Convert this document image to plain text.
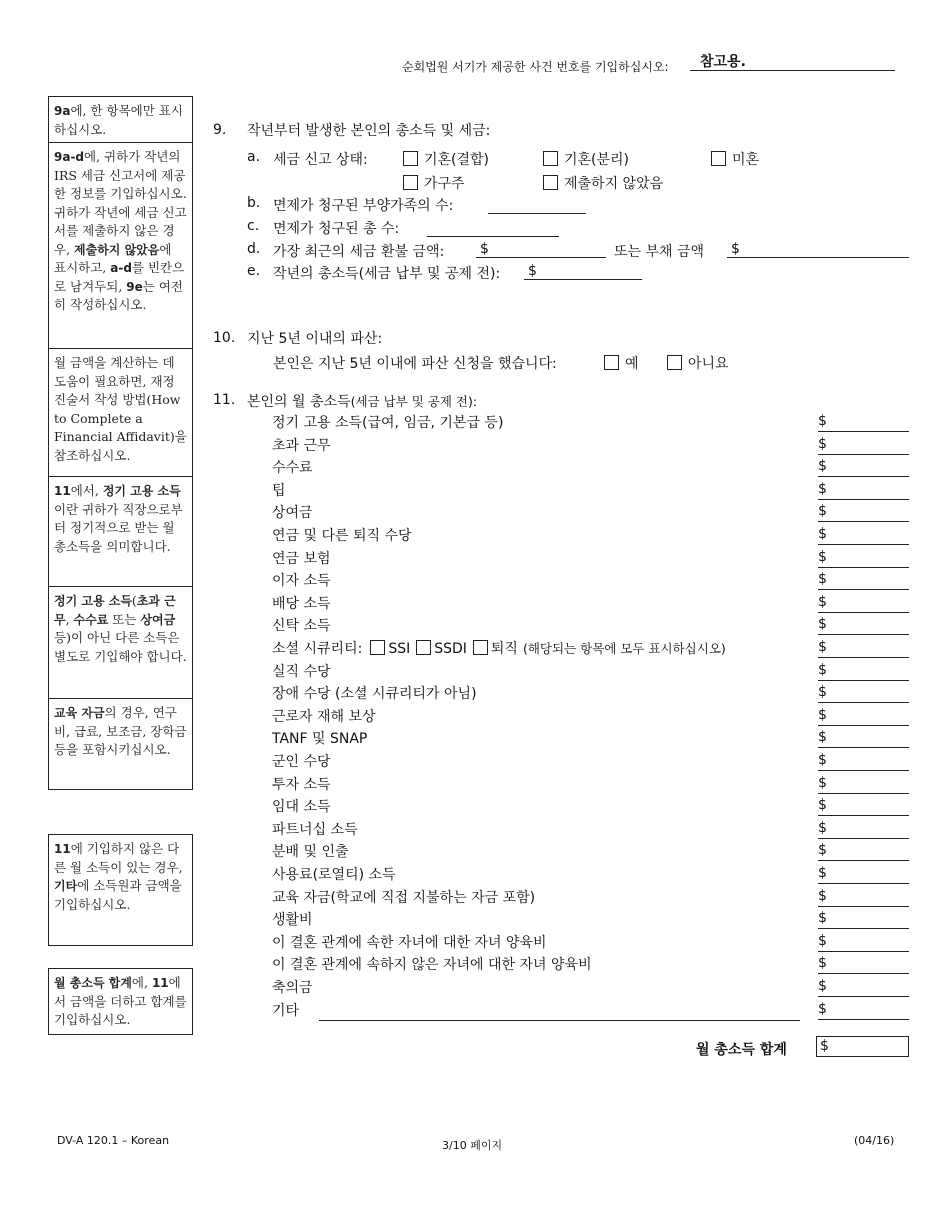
순회법원 서기가 제공한 사건 번호를 기입하십시오: 참고용.
9a에, 한 항목에만 표시하십시오.
9a-d에, 귀하가 작년의 IRS 세금 신고서에 제공한 정보를 기입하십시오. 귀하가 작년에 세금 신고서를 제출하지 않은 경우, 제출하지 않았음에 표시하고, a-d를 빈칸으로 남겨두되, 9e는 여전히 작성하십시오.
월 금액을 계산하는 데 도움이 필요하면, 재정 진술서 작성 방법(How to Complete a Financial Affidavit)을 참조하십시오.
11에서, 정기 고용 소득이란 귀하가 직장으로부터 정기적으로 받는 월 총소득을 의미합니다.
정기 고용 소득(초과 근무, 수수료 또는 상여금 등)이 아닌 다른 소득은 별도로 기입해야 합니다.
교육 자금의 경우, 연구비, 급료, 보조금, 장학금 등을 포함시키십시오.
11에 기입하지 않은 다른 월 소득이 있는 경우, 기타에 소득원과 금액을 기입하십시오.
월 총소득 합계에, 11에서 금액을 더하고 합계를 기입하십시오.
9. 작년부터 발생한 본인의 총소득 및 세금:
a. 세금 신고 상태:	기혼(결합)	기혼(분리)	미혼
가구주	제출하지 않았음
b. 면제가 청구된 부양가족의 수:
c. 면제가 청구된 총 수:
d. 가장 최근의 세금 환불 금액:	$	또는 부채 금액 $
e. 작년의 총소득(세금 납부 및 공제 전): $
10. 지난 5년 이내의 파산:
본인은 지난 5년 이내에 파산 신청을 했습니다:	예	아니요
11. 본인의 월 총소득(세금 납부 및 공제 전):
정기 고용 소득(급여, 임금, 기본급 등)	$
초과 근무	$
수수료	$
팁	$
상여금	$
연금 및 다른 퇴직 수당	$
연금 보험	$
이자 소득	$
배당 소득	$
신탁 소득	$
소셜 시큐리티: SSI SSDI 퇴직 (해당되는 항목에 모두 표시하십시오)	$
실직 수당	$
장애 수당 (소셜 시큐리티가 아님)	$
근로자 재해 보상	$
TANF 및 SNAP	$
군인 수당	$
투자 소득	$
임대 소득	$
파트너십 소득	$
분배 및 인출	$
사용료(로열티) 소득	$
교육 자금(학교에 직접 지불하는 자금 포함)	$
생활비	$
이 결혼 관계에 속한 자녀에 대한 자녀 양육비	$
이 결혼 관계에 속하지 않은 자녀에 대한 자녀 양육비	$
축의금	$
기타	$
월 총소득 합계 $
DV-A 120.1 – Korean	3/10 페이지	(04/16)
